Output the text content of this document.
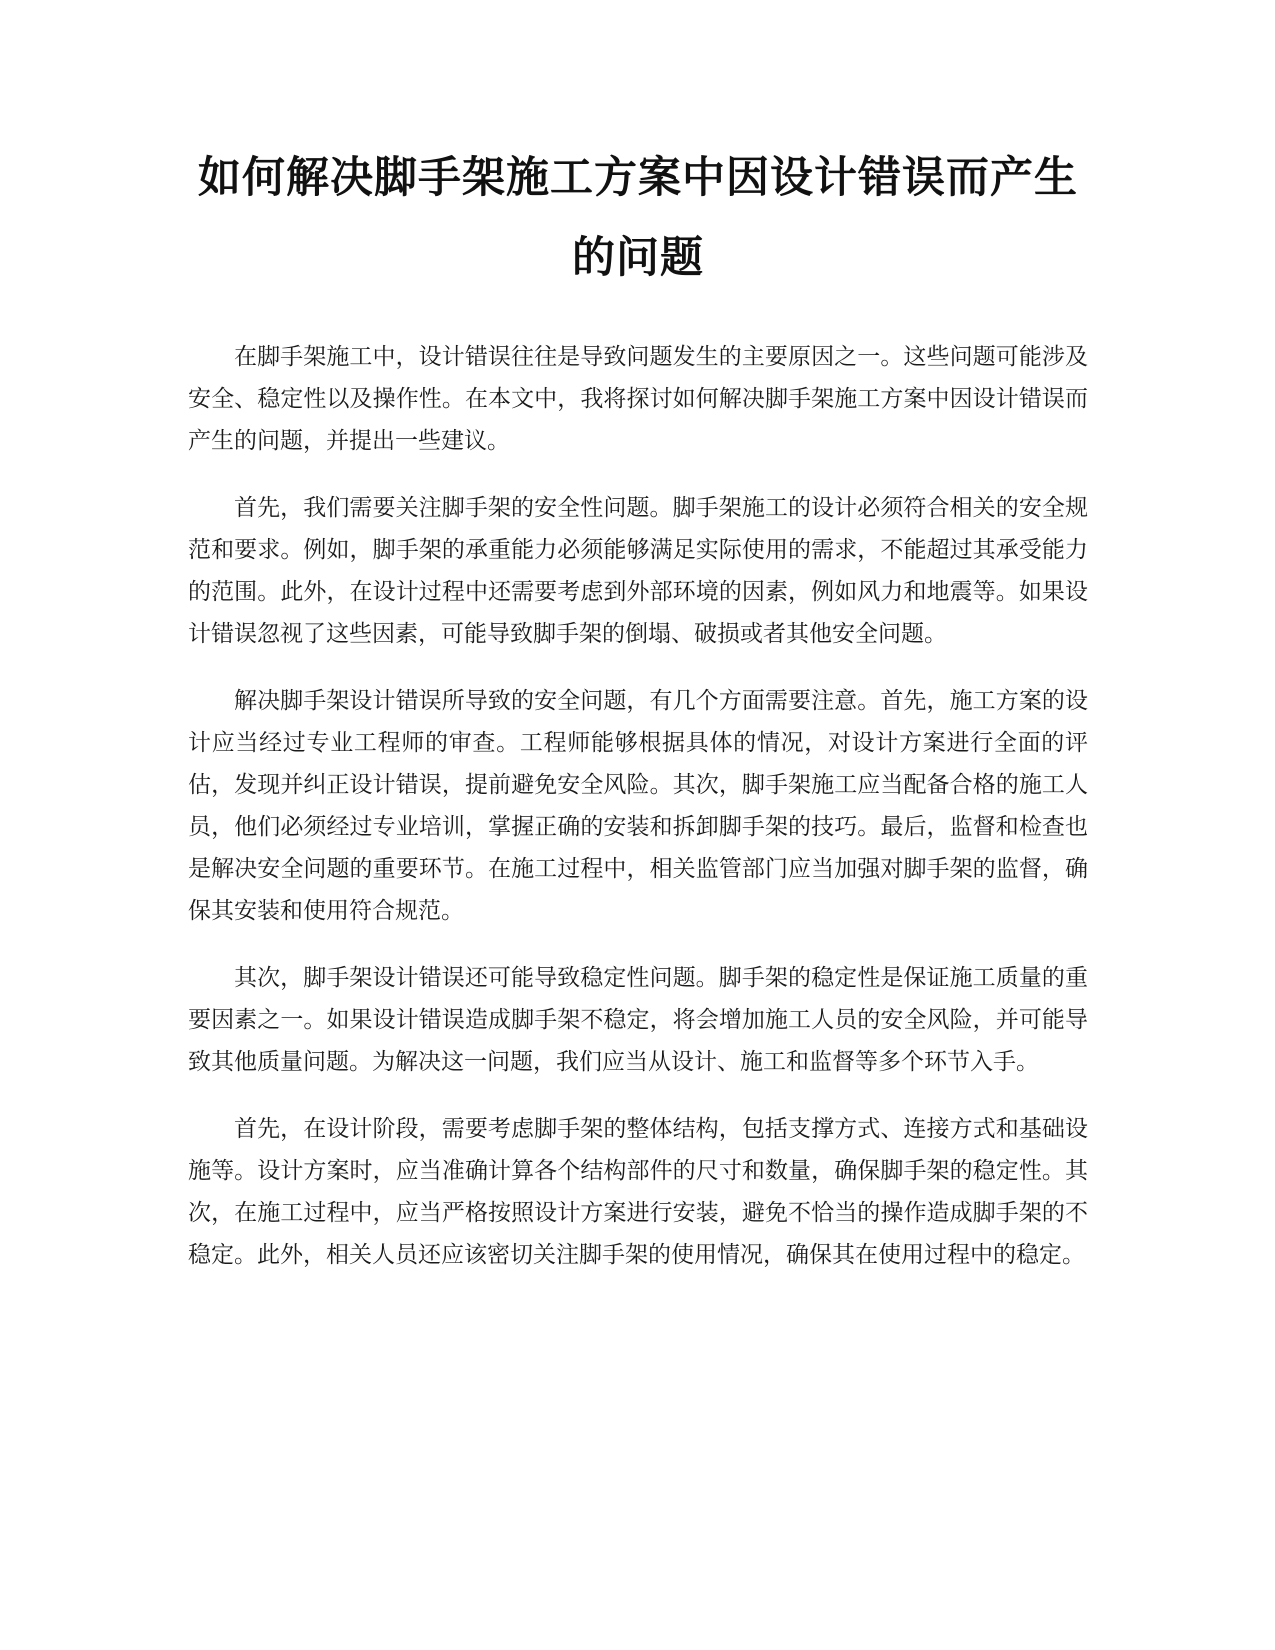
如何解决脚手架施工方案中因设计错误而产生的问题

在脚手架施工中，设计错误往往是导致问题发生的主要原因之一。这些问题可能涉及安全、稳定性以及操作性。在本文中，我将探讨如何解决脚手架施工方案中因设计错误而产生的问题，并提出一些建议。

首先，我们需要关注脚手架的安全性问题。脚手架施工的设计必须符合相关的安全规范和要求。例如，脚手架的承重能力必须能够满足实际使用的需求，不能超过其承受能力的范围。此外，在设计过程中还需要考虑到外部环境的因素，例如风力和地震等。如果设计错误忽视了这些因素，可能导致脚手架的倒塌、破损或者其他安全问题。

解决脚手架设计错误所导致的安全问题，有几个方面需要注意。首先，施工方案的设计应当经过专业工程师的审查。工程师能够根据具体的情况，对设计方案进行全面的评估，发现并纠正设计错误，提前避免安全风险。其次，脚手架施工应当配备合格的施工人员，他们必须经过专业培训，掌握正确的安装和拆卸脚手架的技巧。最后，监督和检查也是解决安全问题的重要环节。在施工过程中，相关监管部门应当加强对脚手架的监督，确保其安装和使用符合规范。

其次，脚手架设计错误还可能导致稳定性问题。脚手架的稳定性是保证施工质量的重要因素之一。如果设计错误造成脚手架不稳定，将会增加施工人员的安全风险，并可能导致其他质量问题。为解决这一问题，我们应当从设计、施工和监督等多个环节入手。

首先，在设计阶段，需要考虑脚手架的整体结构，包括支撑方式、连接方式和基础设施等。设计方案时，应当准确计算各个结构部件的尺寸和数量，确保脚手架的稳定性。其次，在施工过程中，应当严格按照设计方案进行安装，避免不恰当的操作造成脚手架的不稳定。此外，相关人员还应该密切关注脚手架的使用情况，确保其在使用过程中的稳定。
